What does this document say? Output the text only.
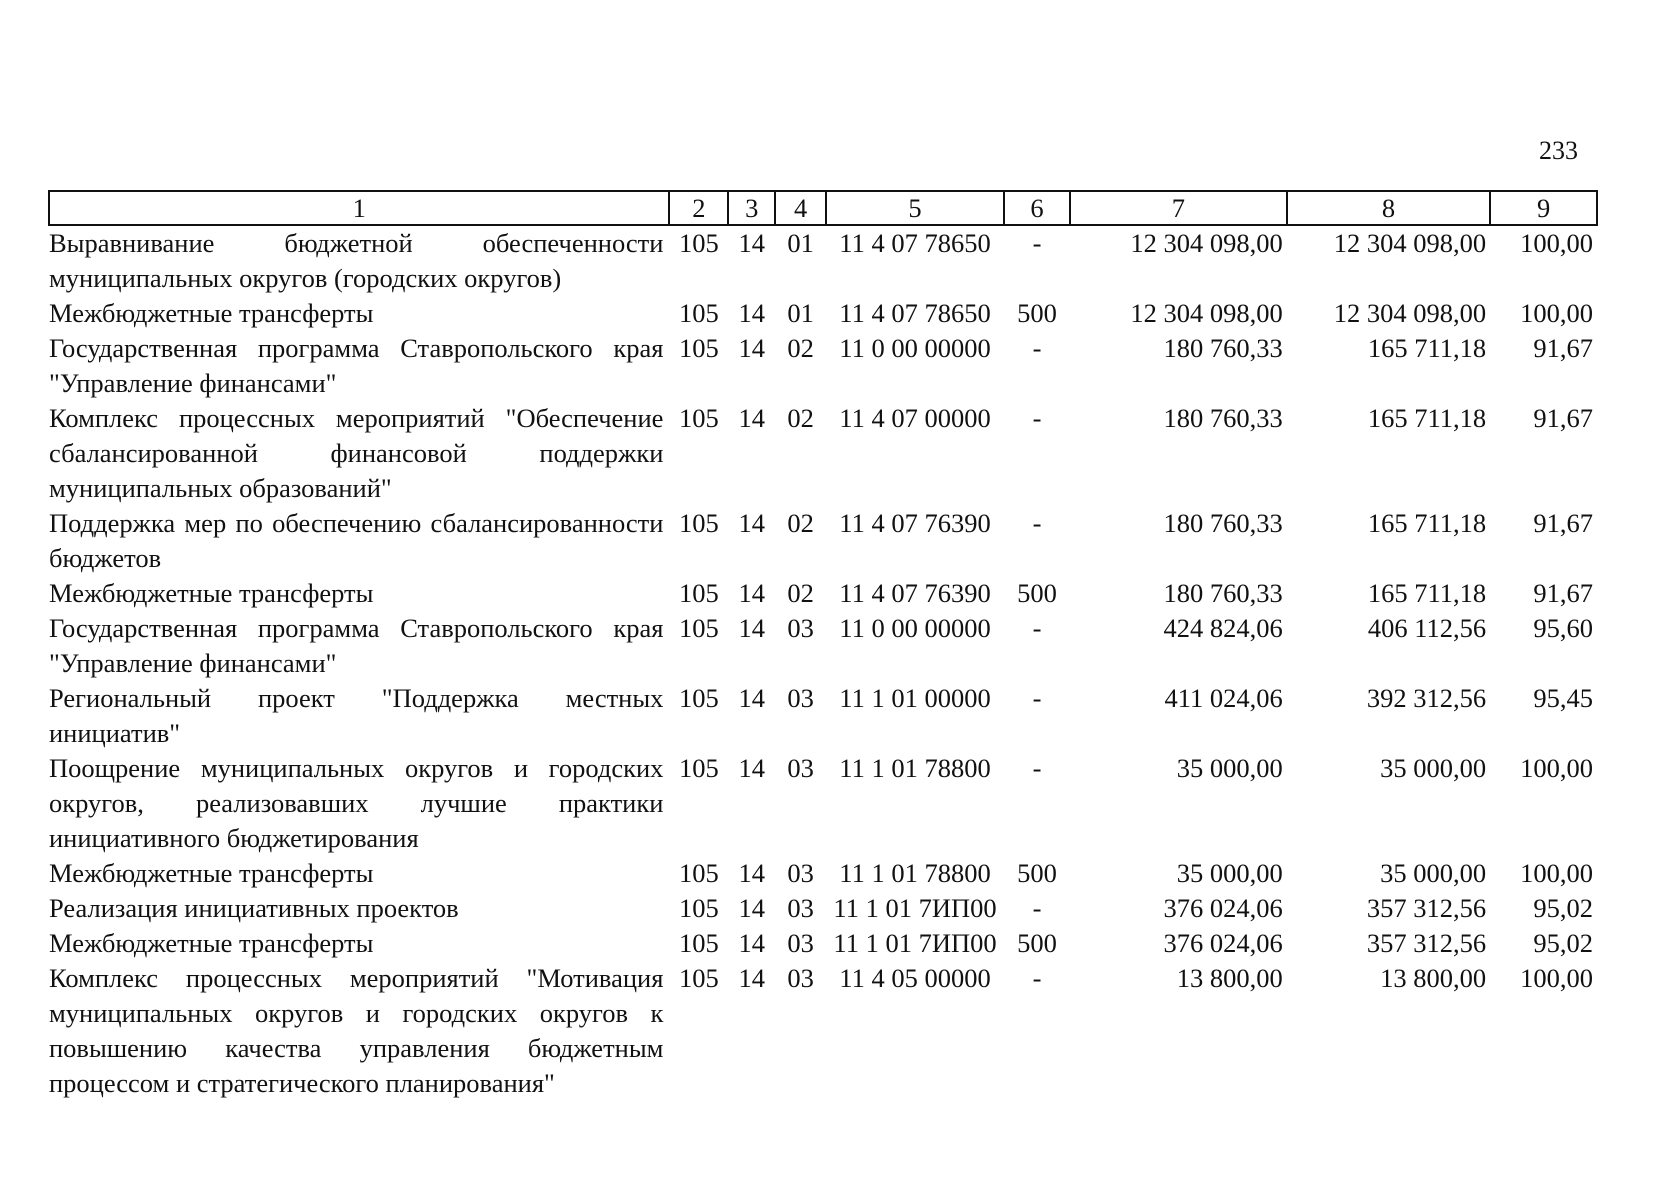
233
1	2	3	4	5	6	7	8	9
Выравнивание бюджетной обеспеченности муниципальных округов (городских округов)	105	14	01	11 4 07 78650	-	12 304 098,00	12 304 098,00	100,00
Межбюджетные трансферты	105	14	01	11 4 07 78650	500	12 304 098,00	12 304 098,00	100,00
Государственная программа Ставропольского края "Управление финансами"	105	14	02	11 0 00 00000	-	180 760,33	165 711,18	91,67
Комплекс процессных мероприятий "Обеспечение сбалансированной финансовой поддержки муниципальных образований"	105	14	02	11 4 07 00000	-	180 760,33	165 711,18	91,67
Поддержка мер по обеспечению сбалансированности бюджетов	105	14	02	11 4 07 76390	-	180 760,33	165 711,18	91,67
Межбюджетные трансферты	105	14	02	11 4 07 76390	500	180 760,33	165 711,18	91,67
Государственная программа Ставропольского края "Управление финансами"	105	14	03	11 0 00 00000	-	424 824,06	406 112,56	95,60
Региональный проект "Поддержка местных инициатив"	105	14	03	11 1 01 00000	-	411 024,06	392 312,56	95,45
Поощрение муниципальных округов и городских округов, реализовавших лучшие практики инициативного бюджетирования	105	14	03	11 1 01 78800	-	35 000,00	35 000,00	100,00
Межбюджетные трансферты	105	14	03	11 1 01 78800	500	35 000,00	35 000,00	100,00
Реализация инициативных проектов	105	14	03	11 1 01 7ИП00	-	376 024,06	357 312,56	95,02
Межбюджетные трансферты	105	14	03	11 1 01 7ИП00	500	376 024,06	357 312,56	95,02
Комплекс процессных мероприятий "Мотивация муниципальных округов и городских округов к повышению качества управления бюджетным процессом и стратегического планирования"	105	14	03	11 4 05 00000	-	13 800,00	13 800,00	100,00
